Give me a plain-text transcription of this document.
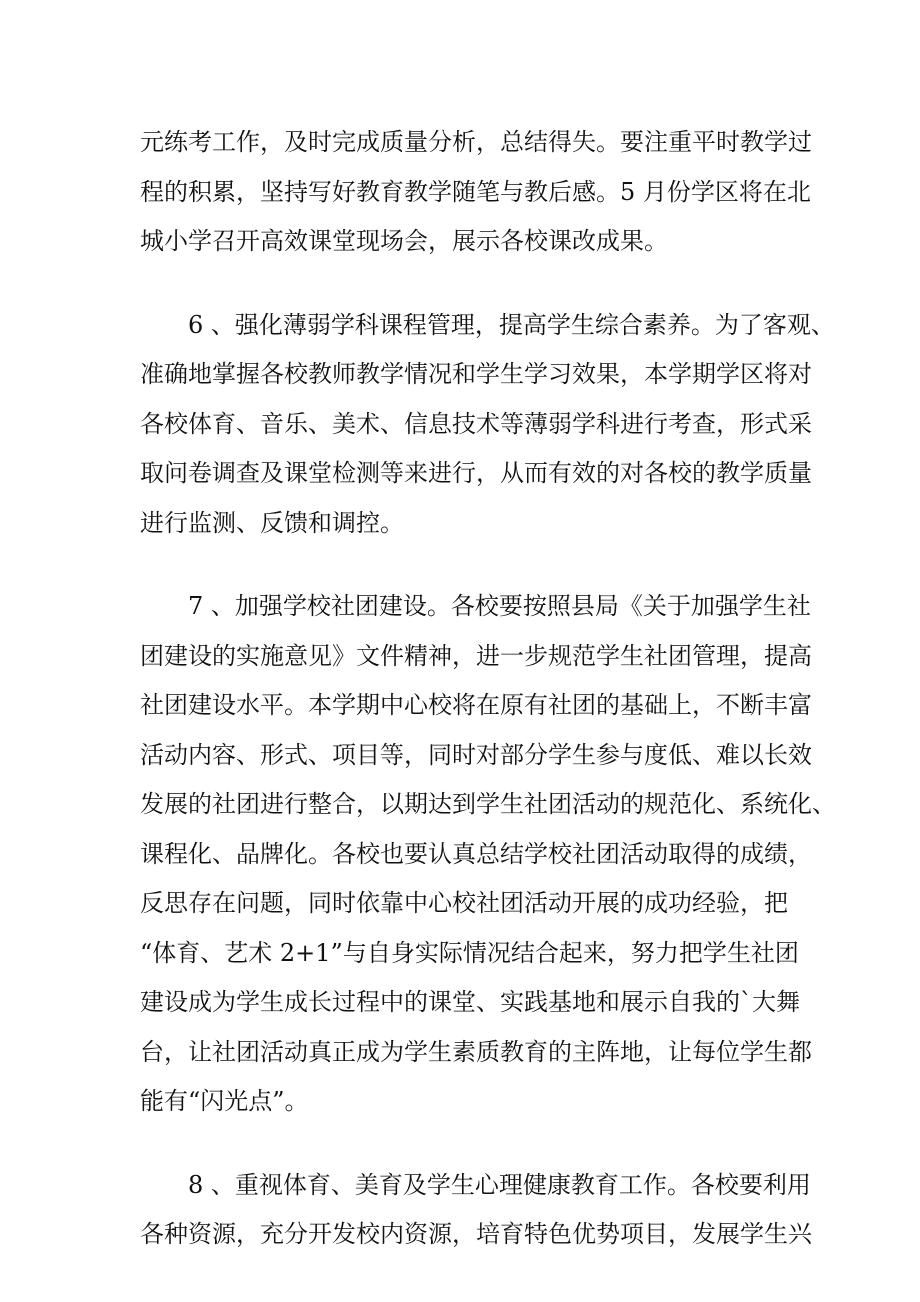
元练考工作，及时完成质量分析，总结得失。要注重平时教学过
程的积累，坚持写好教育教学随笔与教后感。5 月份学区将在北
城小学召开高效课堂现场会，展示各校课改成果。

　　6 、强化薄弱学科课程管理，提高学生综合素养。为了客观、
准确地掌握各校教师教学情况和学生学习效果，本学期学区将对
各校体育、音乐、美术、信息技术等薄弱学科进行考查，形式采
取问卷调查及课堂检测等来进行，从而有效的对各校的教学质量
进行监测、反馈和调控。

　　7 、加强学校社团建设。各校要按照县局《关于加强学生社
团建设的实施意见》文件精神，进一步规范学生社团管理，提高
社团建设水平。本学期中心校将在原有社团的基础上，不断丰富
活动内容、形式、项目等，同时对部分学生参与度低、难以长效
发展的社团进行整合，以期达到学生社团活动的规范化、系统化、
课程化、品牌化。各校也要认真总结学校社团活动取得的成绩，
反思存在问题，同时依靠中心校社团活动开展的成功经验，把
“体育、艺术 2+1”与自身实际情况结合起来，努力把学生社团
建设成为学生成长过程中的课堂、实践基地和展示自我的`大舞
台，让社团活动真正成为学生素质教育的主阵地，让每位学生都
能有“闪光点”。

　　8 、重视体育、美育及学生心理健康教育工作。各校要利用
各种资源，充分开发校内资源，培育特色优势项目，发展学生兴
